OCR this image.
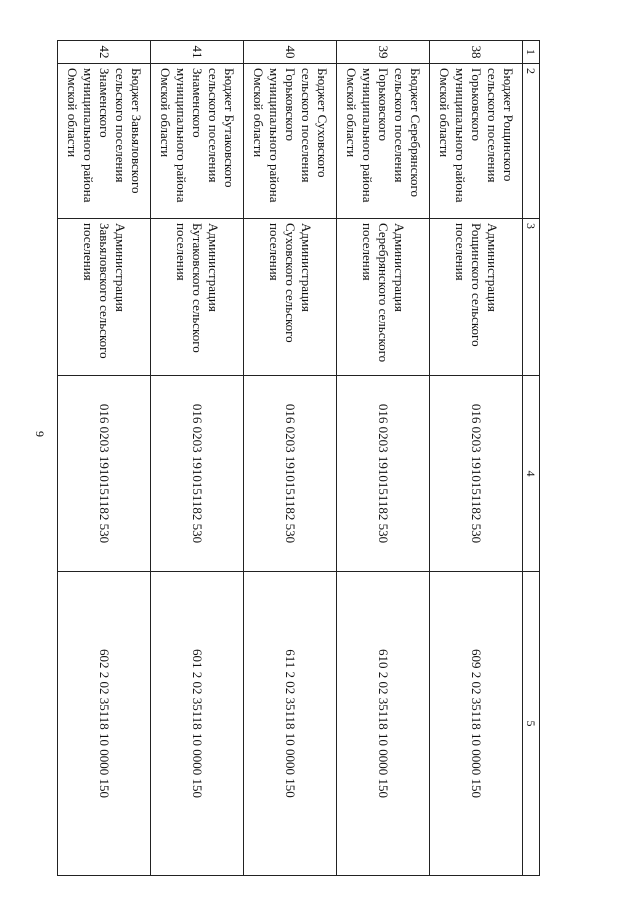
9
1	2	3	4	5
38	Бюджет Рощинского сельского поселения Горьковского муниципального района Омской области	Администрация Рощинского сельского поселения	016 0203 1910151182 530	609 2 02 35118 10 0000 150
39	Бюджет Серебрянского сельского поселения Горьковского муниципального района Омской области	Администрация Серебрянского сельского поселения	016 0203 1910151182 530	610 2 02 35118 10 0000 150
40	Бюджет Суховского сельского поселения Горьковского муниципального района Омской области	Администрация Суховского сельского поселения	016 0203 1910151182 530	611 2 02 35118 10 0000 150
41	Бюджет Бутаковского сельского поселения Знаменского муниципального района Омской области	Администрация Бутаковского сельского поселения	016 0203 1910151182 530	601 2 02 35118 10 0000 150
42	Бюджет Завьяловского сельского поселения Знаменского муниципального района Омской области	Администрация Завьяловского сельского поселения	016 0203 1910151182 530	602 2 02 35118 10 0000 150
